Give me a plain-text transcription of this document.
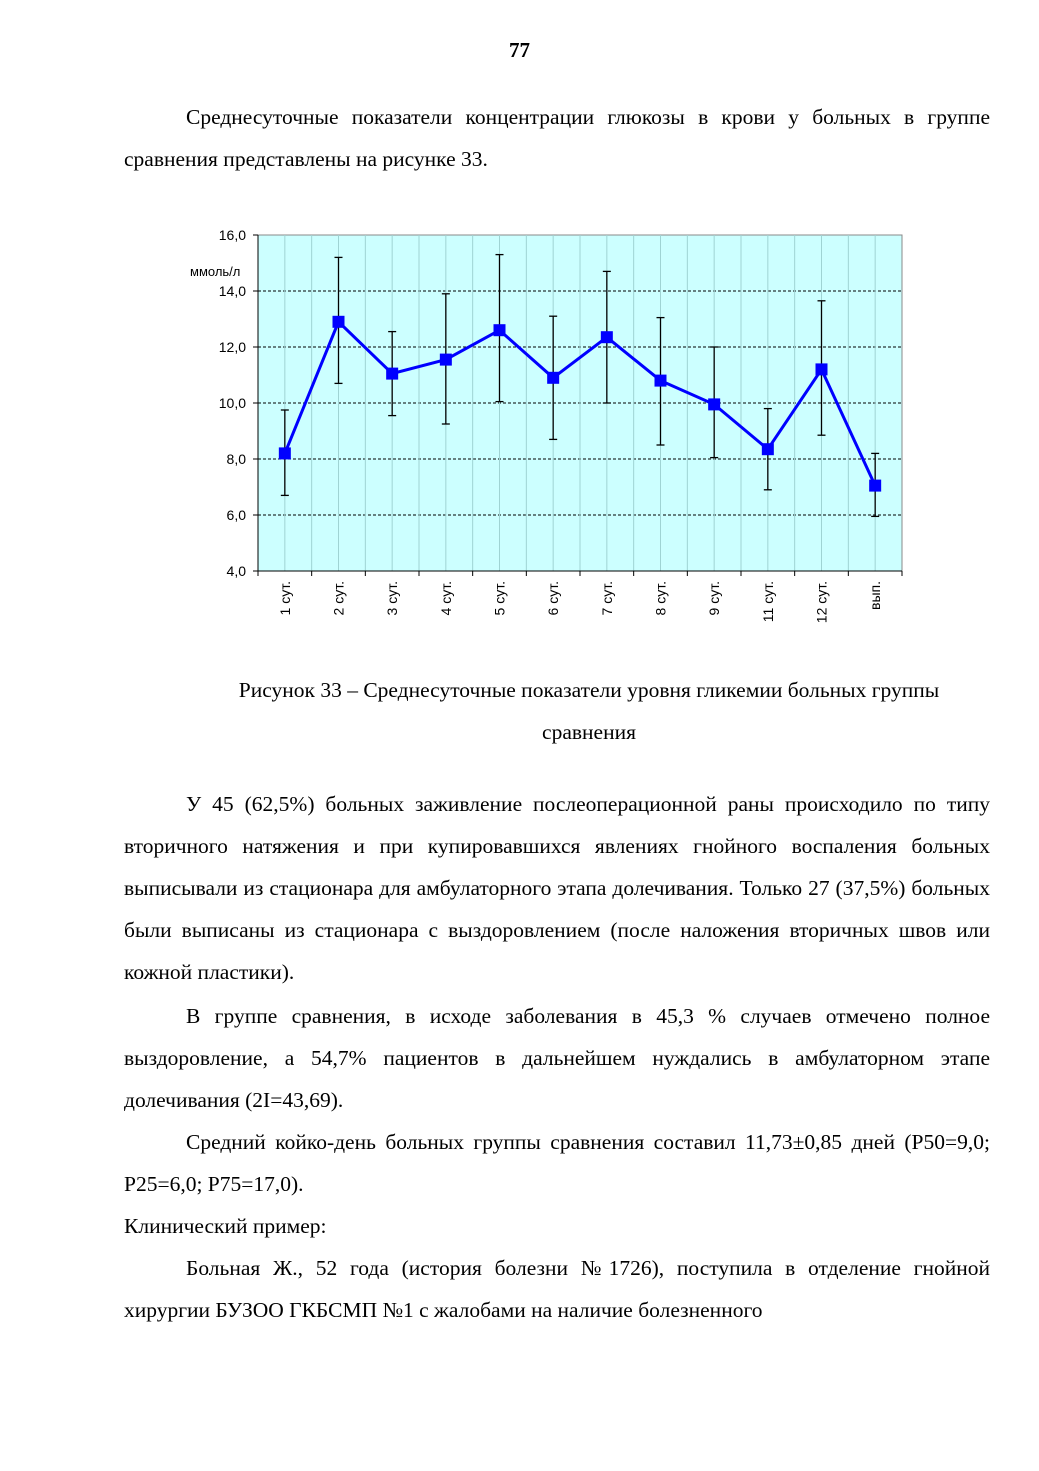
77

Среднесуточные показатели концентрации глюкозы в крови у больных в группе сравнения представлены на рисунке 33.

16,0
14,0
12,0
10,0
8,0
6,0
4,0
1 сут.	2 сут.	3 сут.	4 сут.	5 сут.	6 сут.	7 сут.	8 сут.	9 сут.	11 сут.	12 сут.	вып.
ммоль/л

Рисунок 33 – Среднесуточные показатели уровня гликемии больных группы

сравнения

У 45 (62,5%) больных заживление послеоперационной раны происходило по типу вторичного натяжения и при купировавшихся явлениях гнойного воспаления больных выписывали из стационара для амбулаторного этапа долечивания. Только 27 (37,5%) больных были выписаны из стационара с выздоровлением (после наложения вторичных швов или кожной пластики).

В группе сравнения, в исходе заболевания в 45,3 % случаев отмечено полное выздоровление, а 54,7% пациентов в дальнейшем нуждались в амбулаторном этапе долечивания (2I=43,69).

Средний койко-день больных группы сравнения составил 11,73±0,85 дней (Р50=9,0; Р25=6,0; Р75=17,0).

Клинический пример:

Больная Ж., 52 года (история болезни №1726), поступила в отделение гнойной хирургии БУЗОО ГКБСМП №1 с жалобами на наличие болезненного
